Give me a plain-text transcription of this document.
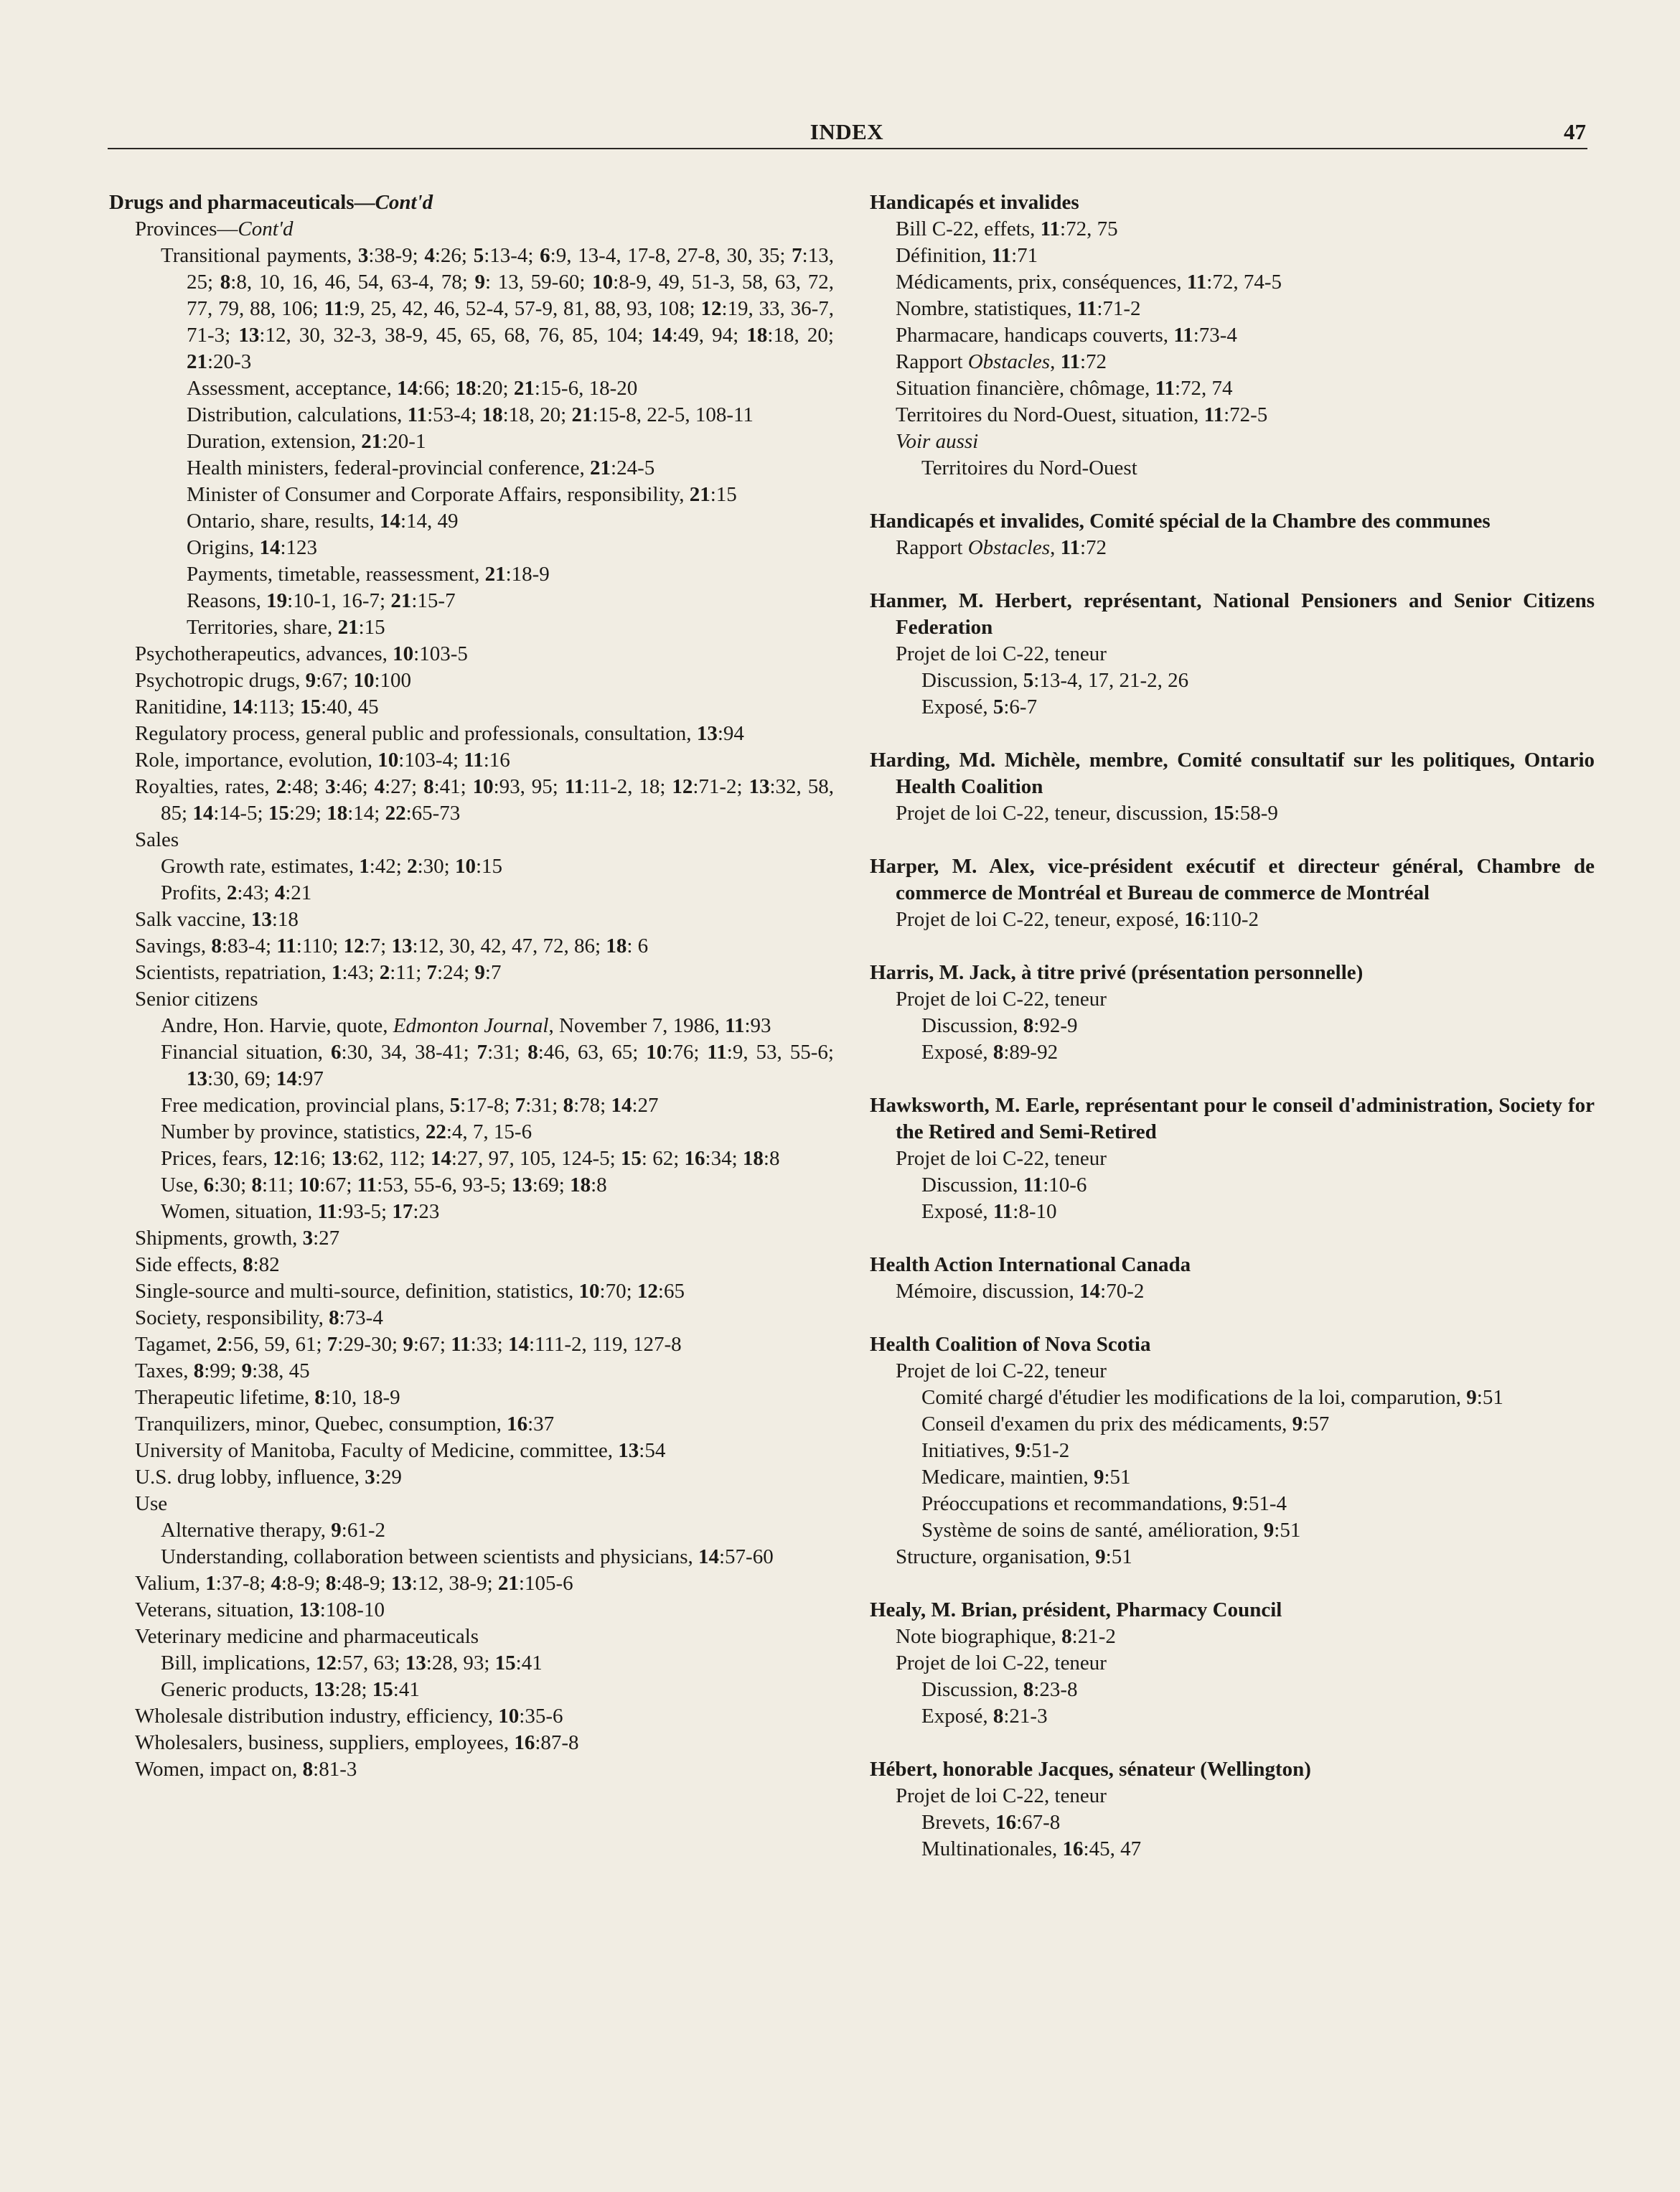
INDEX	47

Drugs and pharmaceuticals—Cont'd

Provinces—Cont'd

Transitional payments, 3:38-9; 4:26; 5:13-4; 6:9, 13-4, 17-8, 27-8, 30, 35; 7:13, 25; 8:8, 10, 16, 46, 54, 63-4, 78; 9: 13, 59-60; 10:8-9, 49, 51-3, 58, 63, 72, 77, 79, 88, 106; 11:9, 25, 42, 46, 52-4, 57-9, 81, 88, 93, 108; 12:19, 33, 36-7, 71-3; 13:12, 30, 32-3, 38-9, 45, 65, 68, 76, 85, 104; 14:49, 94; 18:18, 20; 21:20-3

Assessment, acceptance, 14:66; 18:20; 21:15-6, 18-20

Distribution, calculations, 11:53-4; 18:18, 20; 21:15-8, 22-5, 108-11

Duration, extension, 21:20-1

Health ministers, federal-provincial conference, 21:24-5

Minister of Consumer and Corporate Affairs, responsibility, 21:15

Ontario, share, results, 14:14, 49

Origins, 14:123

Payments, timetable, reassessment, 21:18-9

Reasons, 19:10-1, 16-7; 21:15-7

Territories, share, 21:15

Psychotherapeutics, advances, 10:103-5

Psychotropic drugs, 9:67; 10:100

Ranitidine, 14:113; 15:40, 45

Regulatory process, general public and professionals, consultation, 13:94

Role, importance, evolution, 10:103-4; 11:16

Royalties, rates, 2:48; 3:46; 4:27; 8:41; 10:93, 95; 11:11-2, 18; 12:71-2; 13:32, 58, 85; 14:14-5; 15:29; 18:14; 22:65-73

Sales

Growth rate, estimates, 1:42; 2:30; 10:15

Profits, 2:43; 4:21

Salk vaccine, 13:18

Savings, 8:83-4; 11:110; 12:7; 13:12, 30, 42, 47, 72, 86; 18: 6

Scientists, repatriation, 1:43; 2:11; 7:24; 9:7

Senior citizens

Andre, Hon. Harvie, quote, Edmonton Journal, November 7, 1986, 11:93

Financial situation, 6:30, 34, 38-41; 7:31; 8:46, 63, 65; 10:76; 11:9, 53, 55-6; 13:30, 69; 14:97

Free medication, provincial plans, 5:17-8; 7:31; 8:78; 14:27

Number by province, statistics, 22:4, 7, 15-6

Prices, fears, 12:16; 13:62, 112; 14:27, 97, 105, 124-5; 15: 62; 16:34; 18:8

Use, 6:30; 8:11; 10:67; 11:53, 55-6, 93-5; 13:69; 18:8

Women, situation, 11:93-5; 17:23

Shipments, growth, 3:27

Side effects, 8:82

Single-source and multi-source, definition, statistics, 10:70; 12:65

Society, responsibility, 8:73-4

Tagamet, 2:56, 59, 61; 7:29-30; 9:67; 11:33; 14:111-2, 119, 127-8

Taxes, 8:99; 9:38, 45

Therapeutic lifetime, 8:10, 18-9

Tranquilizers, minor, Quebec, consumption, 16:37

University of Manitoba, Faculty of Medicine, committee, 13:54

U.S. drug lobby, influence, 3:29

Use

Alternative therapy, 9:61-2

Understanding, collaboration between scientists and physicians, 14:57-60

Valium, 1:37-8; 4:8-9; 8:48-9; 13:12, 38-9; 21:105-6

Veterans, situation, 13:108-10

Veterinary medicine and pharmaceuticals

Bill, implications, 12:57, 63; 13:28, 93; 15:41

Generic products, 13:28; 15:41

Wholesale distribution industry, efficiency, 10:35-6

Wholesalers, business, suppliers, employees, 16:87-8

Women, impact on, 8:81-3

Handicapés et invalides

Bill C-22, effets, 11:72, 75

Définition, 11:71

Médicaments, prix, conséquences, 11:72, 74-5

Nombre, statistiques, 11:71-2

Pharmacare, handicaps couverts, 11:73-4

Rapport Obstacles, 11:72

Situation financière, chômage, 11:72, 74

Territoires du Nord-Ouest, situation, 11:72-5

Voir aussi

Territoires du Nord-Ouest

Handicapés et invalides, Comité spécial de la Chambre des communes

Rapport Obstacles, 11:72

Hanmer, M. Herbert, représentant, National Pensioners and Senior Citizens Federation

Projet de loi C-22, teneur

Discussion, 5:13-4, 17, 21-2, 26

Exposé, 5:6-7

Harding, Md. Michèle, membre, Comité consultatif sur les politiques, Ontario Health Coalition

Projet de loi C-22, teneur, discussion, 15:58-9

Harper, M. Alex, vice-président exécutif et directeur général, Chambre de commerce de Montréal et Bureau de commerce de Montréal

Projet de loi C-22, teneur, exposé, 16:110-2

Harris, M. Jack, à titre privé (présentation personnelle)

Projet de loi C-22, teneur

Discussion, 8:92-9

Exposé, 8:89-92

Hawksworth, M. Earle, représentant pour le conseil d'administration, Society for the Retired and Semi-Retired

Projet de loi C-22, teneur

Discussion, 11:10-6

Exposé, 11:8-10

Health Action International Canada

Mémoire, discussion, 14:70-2

Health Coalition of Nova Scotia

Projet de loi C-22, teneur

Comité chargé d'étudier les modifications de la loi, comparution, 9:51

Conseil d'examen du prix des médicaments, 9:57

Initiatives, 9:51-2

Medicare, maintien, 9:51

Préoccupations et recommandations, 9:51-4

Système de soins de santé, amélioration, 9:51

Structure, organisation, 9:51

Healy, M. Brian, président, Pharmacy Council

Note biographique, 8:21-2

Projet de loi C-22, teneur

Discussion, 8:23-8

Exposé, 8:21-3

Hébert, honorable Jacques, sénateur (Wellington)

Projet de loi C-22, teneur

Brevets, 16:67-8

Multinationales, 16:45, 47
